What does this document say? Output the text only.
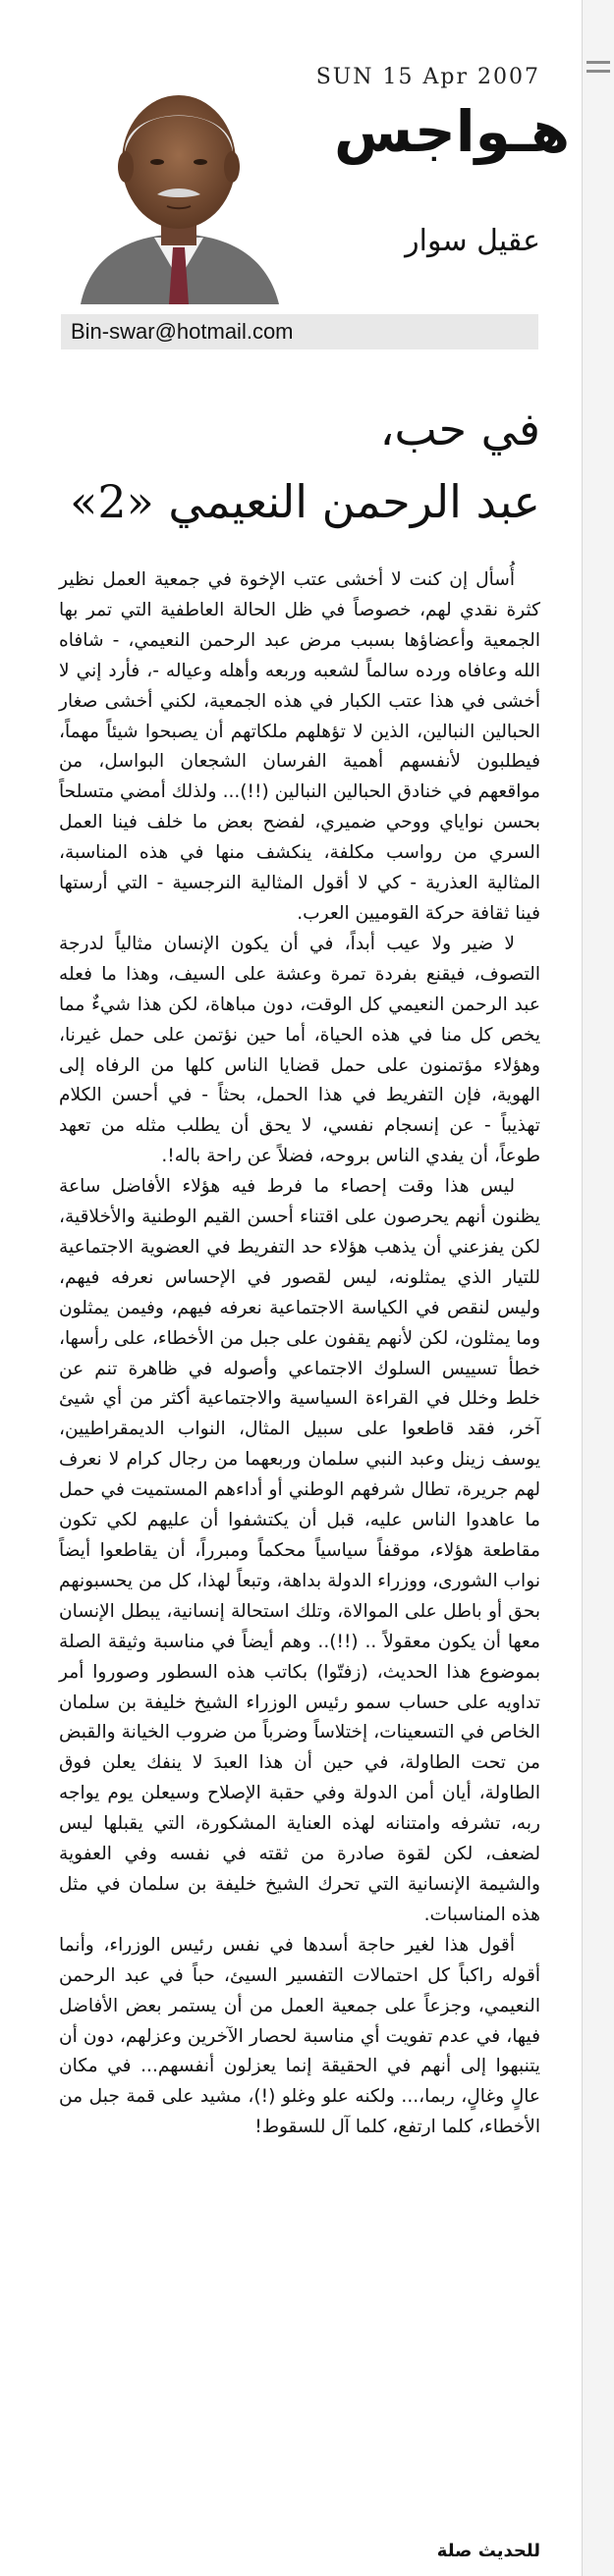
SUN 15 Apr 2007
هـواجس
عقيل سوار
Bin-swar@hotmail.com
في حب،
عبد الرحمن النعيمي «2»

أُسأل إن كنت لا أخشى عتب الإخوة في جمعية العمل نظير كثرة نقدي لهم، خصوصاً في ظل الحالة العاطفية التي تمر بها الجمعية وأعضاؤها بسبب مرض عبد الرحمن النعيمي، - شافاه الله وعافاه ورده سالماً لشعبه وربعه وأهله وعياله -، فأرد إني لا أخشى في هذا عتب الكبار في هذه الجمعية، لكني أخشى صغار الحبالين النبالين، الذين لا تؤهلهم ملكاتهم أن يصبحوا شيئاً مهماً، فيطلبون لأنفسهم أهمية الفرسان الشجعان البواسل، من مواقعهم في خنادق الحبالين النبالين (!!)... ولذلك أمضي متسلحاً بحسن نواياي ووحي ضميري، لفضح بعض ما خلف فينا العمل السري من رواسب مكلفة، ينكشف منها في هذه المناسبة، المثالية العذرية - كي لا أقول المثالية النرجسية - التي أرستها فينا ثقافة حركة القوميين العرب.

لا ضير ولا عيب أبداً، في أن يكون الإنسان مثالياً لدرجة التصوف، فيقنع بفردة تمرة وعشة على السيف، وهذا ما فعله عبد الرحمن النعيمي كل الوقت، دون مباهاة، لكن هذا شيءٌ مما يخص كل منا في هذه الحياة، أما حين نؤتمن على حمل غيرنا، وهؤلاء مؤتمنون على حمل قضايا الناس كلها من الرفاه إلى الهوية، فإن التفريط في هذا الحمل، بحثاً - في أحسن الكلام تهذيباً - عن إنسجام نفسي، لا يحق أن يطلب مثله من تعهد طوعاً، أن يفدي الناس بروحه، فضلاً عن راحة باله!.

ليس هذا وقت إحصاء ما فرط فيه هؤلاء الأفاضل ساعة يظنون أنهم يحرصون على اقتناء أحسن القيم الوطنية والأخلاقية، لكن يفزعني أن يذهب هؤلاء حد التفريط في العضوية الاجتماعية للتيار الذي يمثلونه، ليس لقصور في الإحساس نعرفه فيهم، وليس لنقص في الكياسة الاجتماعية نعرفه فيهم، وفيمن يمثلون وما يمثلون، لكن لأنهم يقفون على جبل من الأخطاء، على رأسها، خطأ تسييس السلوك الاجتماعي وأصوله في ظاهرة تنم عن خلط وخلل في القراءة السياسية والاجتماعية أكثر من أي شيئ آخر، فقد قاطعوا على سبيل المثال، النواب الديمقراطيين، يوسف زينل وعبد النبي سلمان وربعهما من رجال كرام لا نعرف لهم جريرة، تطال شرفهم الوطني أو أداءهم المستميت في حمل ما عاهدوا الناس عليه، قبل أن يكتشفوا أن عليهم لكي تكون مقاطعة هؤلاء، موقفاً سياسياً محكماً ومبرراً، أن يقاطعوا أيضاً نواب الشورى، ووزراء الدولة بداهة، وتبعاً لهذا، كل من يحسبونهم بحق أو باطل على الموالاة، وتلك استحالة إنسانية، يبطل الإنسان معها أن يكون معقولاً .. (!!).. وهم أيضاً في مناسبة وثيقة الصلة بموضوع هذا الحديث، (زفتّوا) بكاتب هذه السطور وصوروا أمر تداويه على حساب سمو رئيس الوزراء الشيخ خليفة بن سلمان الخاص في التسعينات، إختلاساً وضرباً من ضروب الخيانة والقبض من تحت الطاولة، في حين أن هذا العبدَ لا ينفك يعلن فوق الطاولة، أيان أمن الدولة وفي حقبة الإصلاح وسيعلن يوم يواجه ربه، تشرفه وامتنانه لهذه العناية المشكورة، التي يقبلها ليس لضعف، لكن لقوة صادرة من ثقته في نفسه وفي العفوية والشيمة الإنسانية التي تحرك الشيخ خليفة بن سلمان في مثل هذه المناسبات.

أقول هذا لغير حاجة أسدها في نفس رئيس الوزراء، وأنما أقوله راكباً كل احتمالات التفسير السيئ، حباً في عبد الرحمن النعيمي، وجزعاً على جمعية العمل من أن يستمر بعض الأفاضل فيها، في عدم تفويت أي مناسبة لحصار الآخرين وعزلهم، دون أن يتنبهوا إلى أنهم في الحقيقة إنما يعزلون أنفسهم... في مكان عالٍ وغالٍ، ربما،... ولكنه علو وغلو (!)، مشيد على قمة جبل من الأخطاء، كلما ارتفع، كلما آل للسقوط!

للحديث صلة
